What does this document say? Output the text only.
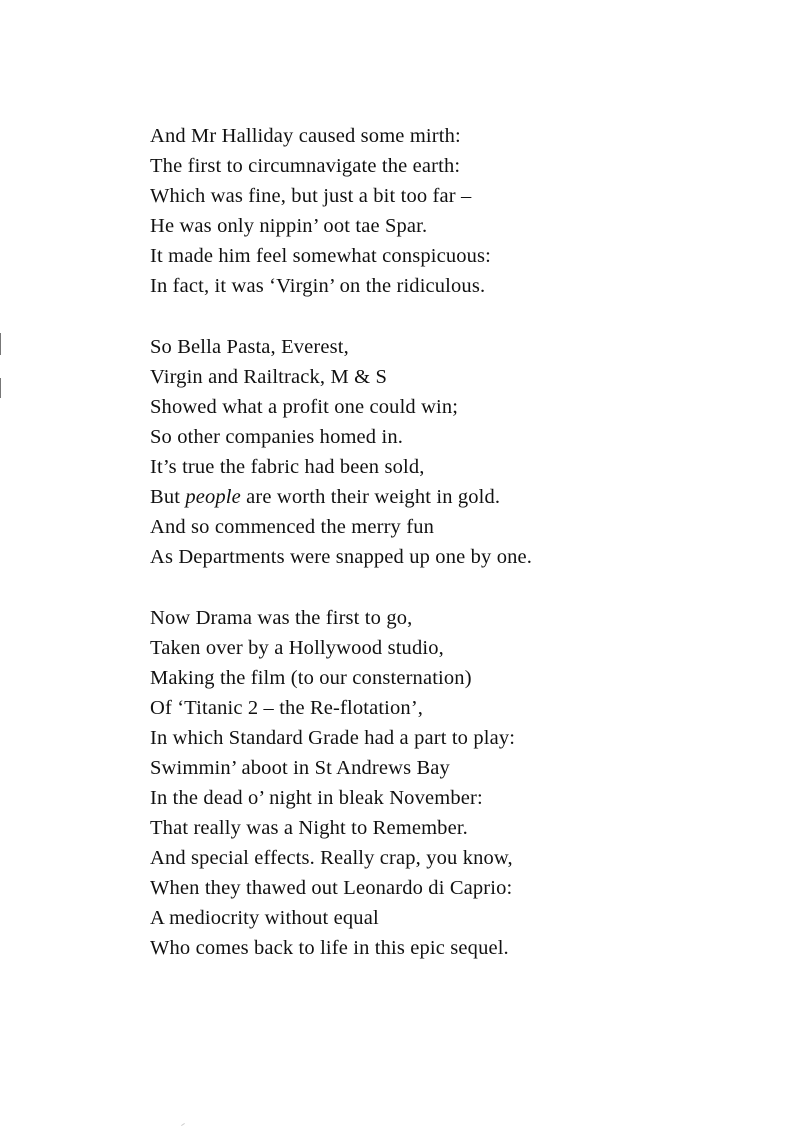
And Mr Halliday caused some mirth:
The first to circumnavigate the earth:
Which was fine, but just a bit too far –
He was only nippin’ oot tae Spar.
It made him feel somewhat conspicuous:
In fact, it was ‘Virgin’ on the ridiculous.
So Bella Pasta, Everest,
Virgin and Railtrack, M & S
Showed what a profit one could win;
So other companies homed in.
It’s true the fabric had been sold,
But people are worth their weight in gold.
And so commenced the merry fun
As Departments were snapped up one by one.
Now Drama was the first to go,
Taken over by a Hollywood studio,
Making the film (to our consternation)
Of ‘Titanic 2 – the Re-flotation’,
In which Standard Grade had a part to play:
Swimmin’ aboot in St Andrews Bay
In the dead o’ night in bleak November:
That really was a Night to Remember.
And special effects. Really crap, you know,
When they thawed out Leonardo di Caprio:
A mediocrity without equal
Who comes back to life in this epic sequel.
